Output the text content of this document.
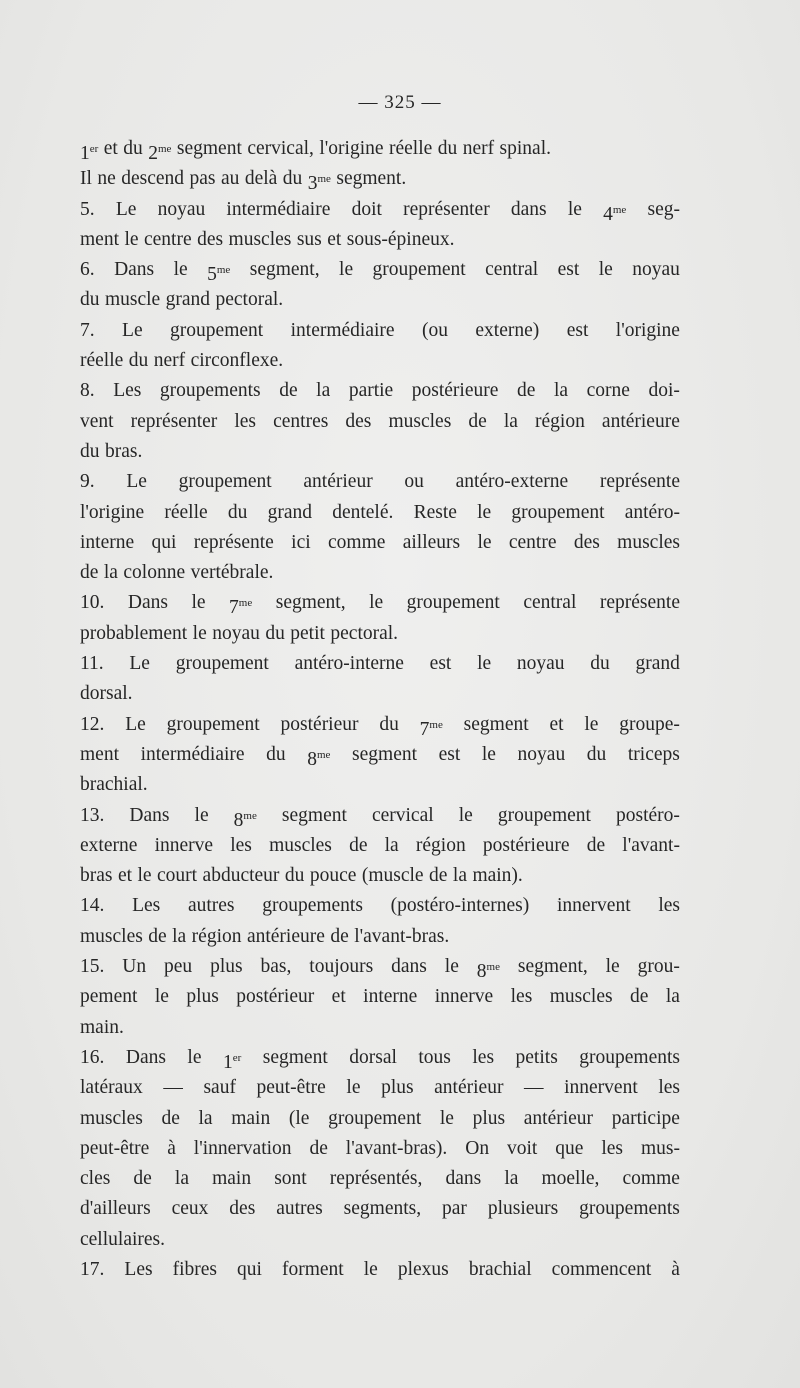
— 325 —
1er et du 2me segment cervical, l'origine réelle du nerf spinal.
Il ne descend pas au delà du 3me segment.
5. Le noyau intermédiaire doit représenter dans le 4me seg-
ment le centre des muscles sus et sous-épineux.
6. Dans le 5me segment, le groupement central est le noyau
du muscle grand pectoral.
7. Le groupement intermédiaire (ou externe) est l'origine
réelle du nerf circonflexe.
8. Les groupements de la partie postérieure de la corne doi-
vent représenter les centres des muscles de la région antérieure
du bras.
9. Le groupement antérieur ou antéro-externe représente
l'origine réelle du grand dentelé. Reste le groupement antéro-
interne qui représente ici comme ailleurs le centre des muscles
de la colonne vertébrale.
10. Dans le 7me segment, le groupement central représente
probablement le noyau du petit pectoral.
11. Le groupement antéro-interne est le noyau du grand
dorsal.
12. Le groupement postérieur du 7me segment et le groupe-
ment intermédiaire du 8me segment est le noyau du triceps
brachial.
13. Dans le 8me segment cervical le groupement postéro-
externe innerve les muscles de la région postérieure de l'avant-
bras et le court abducteur du pouce (muscle de la main).
14. Les autres groupements (postéro-internes) innervent les
muscles de la région antérieure de l'avant-bras.
15. Un peu plus bas, toujours dans le 8me segment, le grou-
pement le plus postérieur et interne innerve les muscles de la
main.
16. Dans le 1er segment dorsal tous les petits groupements
latéraux — sauf peut-être le plus antérieur — innervent les
muscles de la main (le groupement le plus antérieur participe
peut-être à l'innervation de l'avant-bras). On voit que les mus-
cles de la main sont représentés, dans la moelle, comme
d'ailleurs ceux des autres segments, par plusieurs groupements
cellulaires.
17. Les fibres qui forment le plexus brachial commencent à
